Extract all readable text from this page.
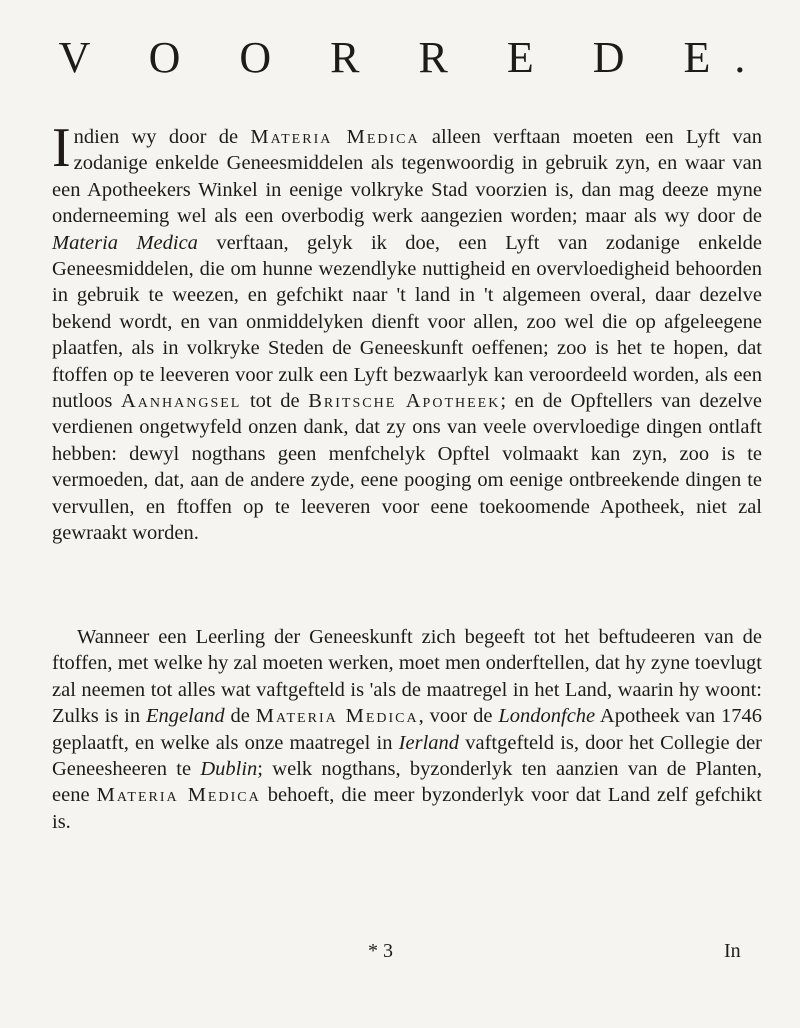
V O O R R E D E.

Indien wy door de Materia Medica alleen verftaan moeten een Lyft van zodanige enkelde Geneesmiddelen als tegenwoordig in gebruik zyn, en waar van een Apotheekers Winkel in eenige volkryke Stad voorzien is, dan mag deeze myne onderneeming wel als een overbodig werk aangezien worden; maar als wy door de Materia Medica verftaan, gelyk ik doe, een Lyft van zodanige enkelde Geneesmiddelen, die om hunne wezendlyke nuttigheid en overvloedigheid behoorden in gebruik te weezen, en gefchikt naar 't land in 't algemeen overal, daar dezelve bekend wordt, en van onmiddelyken dienft voor allen, zoo wel die op afgeleegene plaatfen, als in volkryke Steden de Geneeskunft oeffenen; zoo is het te hopen, dat ftoffen op te leeveren voor zulk een Lyft bezwaarlyk kan veroordeeld worden, als een nutloos Aanhangsel tot de Britsche Apotheek; en de Opftellers van dezelve verdienen ongetwyfeld onzen dank, dat zy ons van veele overvloedige dingen ontlaft hebben: dewyl nogthans geen menfchelyk Opftel volmaakt kan zyn, zoo is te vermoeden, dat, aan de andere zyde, eene pooging om eenige ontbreekende dingen te vervullen, en ftoffen op te leeveren voor eene toekoomende Apotheek, niet zal gewraakt worden.

Wanneer een Leerling der Geneeskunft zich begeeft tot het beftudeeren van de ftoffen, met welke hy zal moeten werken, moet men onderftellen, dat hy zyne toevlugt zal neemen tot alles wat vaftgefteld is 'als de maatregel in het Land, waarin hy woont: Zulks is in Engeland de Materia Medica, voor de Londonfche Apotheek van 1746 geplaatft, en welke als onze maatregel in Ierland vaftgefteld is, door het Collegie der Geneesheeren te Dublin; welk nogthans, byzonderlyk ten aanzien van de Planten, eene Materia Medica behoeft, die meer byzonderlyk voor dat Land zelf gefchikt is.

* 3	In
